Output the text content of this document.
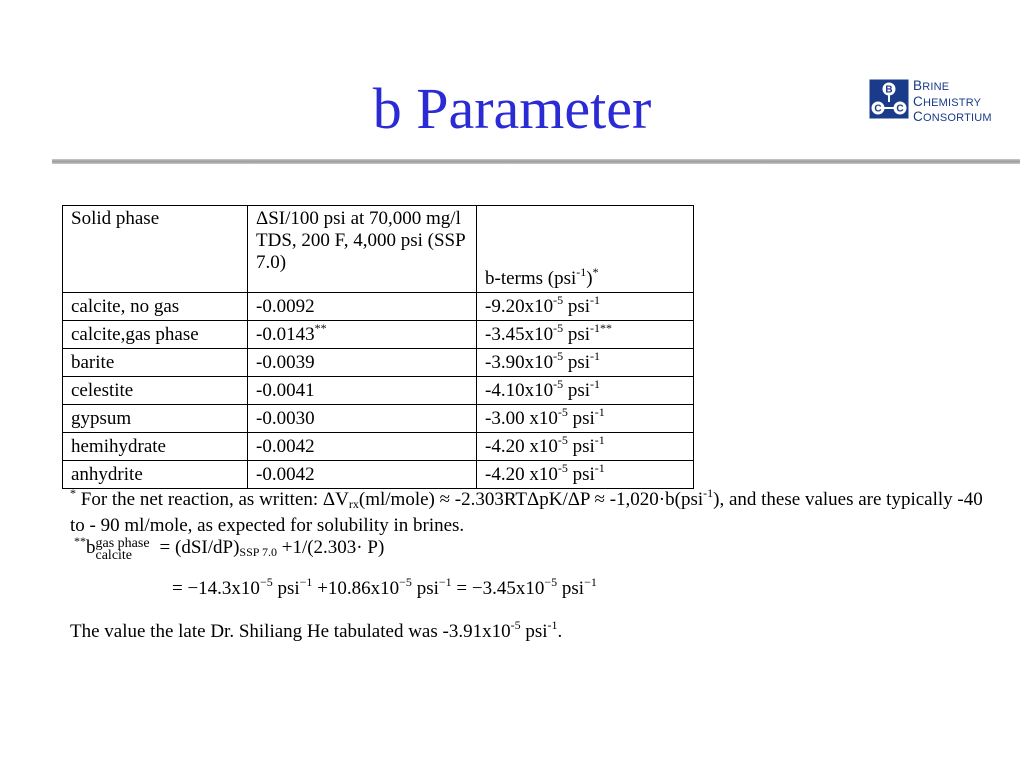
b Parameter	B
C C
BRINE
CHEMISTRY
CONSORTIUM
Solid phase	ΔSI/100 psi at 70,000 mg/l TDS, 200 F, 4,000 psi (SSP 7.0)	b-terms (psi$^{-1}$)*
calcite, no gas	-0.0092	$-9.20x10^{-5}$ psi$^{-1}$
calcite,gas phase	-0.0143**	$-3.45x10^{-5}$ psi$^{-1**}$
barite	-0.0039	$-3.90x10^{-5}$ psi$^{-1}$
celestite	-0.0041	$-4.10x10^{-5}$ psi$^{-1}$
gypsum	-0.0030	-3.00 $x10^{-5}$ psi$^{-1}$
hemihydrate	-0.0042	-4.20 $x10^{-5}$ psi$^{-1}$
anhydrite	-0.0042	-4.20 $x10^{-5}$ psi$^{-1}$
* For the net reaction, as written: $\Delta V_{rx}(ml/mole) \approx -2.303RT\Delta pK/\Delta P \approx -1,020\cdot b(psi^{-1})$, and these values are typically -40 to - 90 ml/mole, as expected for solubility in brines.
**b gas phase
calcite	= $(dSI/dP)_{SSP 7.0} +1/(2.303\cdot P)$
= $-14.3x10^{-5}$ $psi^{-1} +10.86x10^{-5}$ $psi^{-1} = -3.45x10^{-5}$ psi$^{-1}$
The value the late Dr. Shiliang He tabulated was $-3.91x10^{-5}$ psi$^{-1}$.
